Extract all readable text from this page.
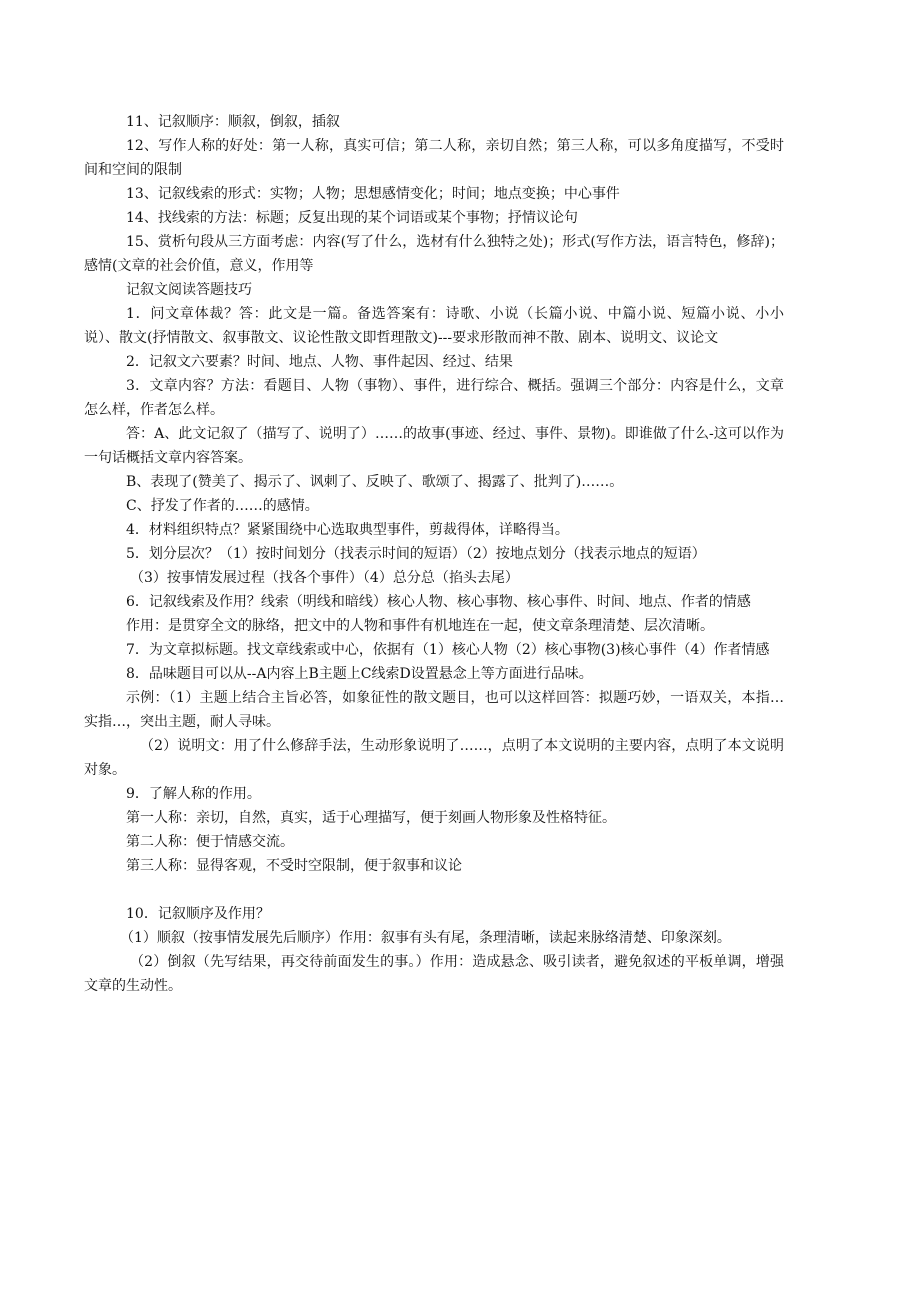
11、记叙顺序：顺叙，倒叙，插叙

12、写作人称的好处：第一人称，真实可信；第二人称，亲切自然；第三人称，可以多角度描写，不受时间和空间的限制

13、记叙线索的形式：实物；人物；思想感情变化；时间；地点变换；中心事件

14、找线索的方法：标题；反复出现的某个词语或某个事物；抒情议论句

15、赏析句段从三方面考虑：内容(写了什么，选材有什么独特之处)；形式(写作方法，语言特色，修辞)；感情(文章的社会价值，意义，作用等

记叙文阅读答题技巧

1．问文章体裁？答：此文是一篇。备选答案有：诗歌、小说（长篇小说、中篇小说、短篇小说、小小说）、散文(抒情散文、叙事散文、议论性散文即哲理散文)---要求形散而神不散、剧本、说明文、议论文

2．记叙文六要素？时间、地点、人物、事件起因、经过、结果

3．文章内容？方法：看题目、人物（事物）、事件，进行综合、概括。强调三个部分：内容是什么，文章怎么样，作者怎么样。

答：A、此文记叙了（描写了、说明了）……的故事(事迹、经过、事件、景物)。即谁做了什么-这可以作为一句话概括文章内容答案。

B、表现了(赞美了、揭示了、讽刺了、反映了、歌颂了、揭露了、批判了)……。

C、抒发了作者的……的感情。

4．材料组织特点？紧紧围绕中心选取典型事件，剪裁得体，详略得当。

5．划分层次？（1）按时间划分（找表示时间的短语）（2）按地点划分（找表示地点的短语）

（3）按事情发展过程（找各个事件）（4）总分总（掐头去尾）

6．记叙线索及作用？线索（明线和暗线）核心人物、核心事物、核心事件、时间、地点、作者的情感

作用：是贯穿全文的脉络，把文中的人物和事件有机地连在一起，使文章条理清楚、层次清晰。

7．为文章拟标题。找文章线索或中心，依据有（1）核心人物（2）核心事物(3)核心事件（4）作者情感

8．品味题目可以从--A内容上B主题上C线索D设置悬念上等方面进行品味。

示例：（1）主题上结合主旨必答，如象征性的散文题目，也可以这样回答：拟题巧妙，一语双关，本指…实指…，突出主题，耐人寻味。

（2）说明文：用了什么修辞手法，生动形象说明了……，点明了本文说明的主要内容，点明了本文说明对象。

9．了解人称的作用。

第一人称：亲切，自然，真实，适于心理描写，便于刻画人物形象及性格特征。

第二人称：便于情感交流。

第三人称：显得客观，不受时空限制，便于叙事和议论

10．记叙顺序及作用？

（1）顺叙（按事情发展先后顺序）作用：叙事有头有尾，条理清晰，读起来脉络清楚、印象深刻。

（2）倒叙（先写结果，再交待前面发生的事。）作用：造成悬念、吸引读者，避免叙述的平板单调，增强文章的生动性。
